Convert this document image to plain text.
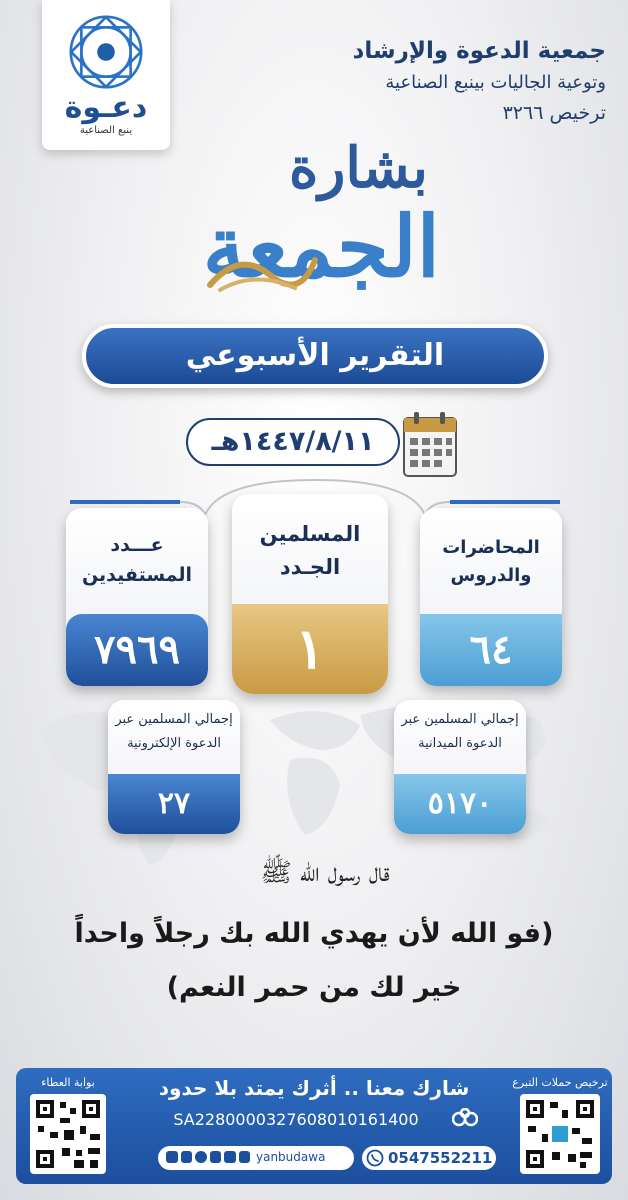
دعـوة
ينبع الصناعية
جمعية الدعوة والإرشاد
وتوعية الجاليات بينبع الصناعية
ترخيص ٣٢٦٦
بشارة
الجمعة
التقرير الأسبوعي
١٤٤٧/٨/١١هـ
عـــدد المستفيدين
٧٩٦٩
المسلمين الجـدد
١
المحاضرات والدروس
٦٤
إجمالي المسلمين عبر الدعوة الإلكترونية
٢٧
إجمالي المسلمين عبر الدعوة الميدانية
٥١٧٠
قال رسول الله ﷺ
(فو الله لأن يهدي الله بك رجلاً واحداً
خير لك من حمر النعم)
بوابة العطاء	ترخيص حملات التبرع
شارك معنا .. أثرك يمتد بلا حدود
SA2280000327608010161400
yanbudawa	0547552211
